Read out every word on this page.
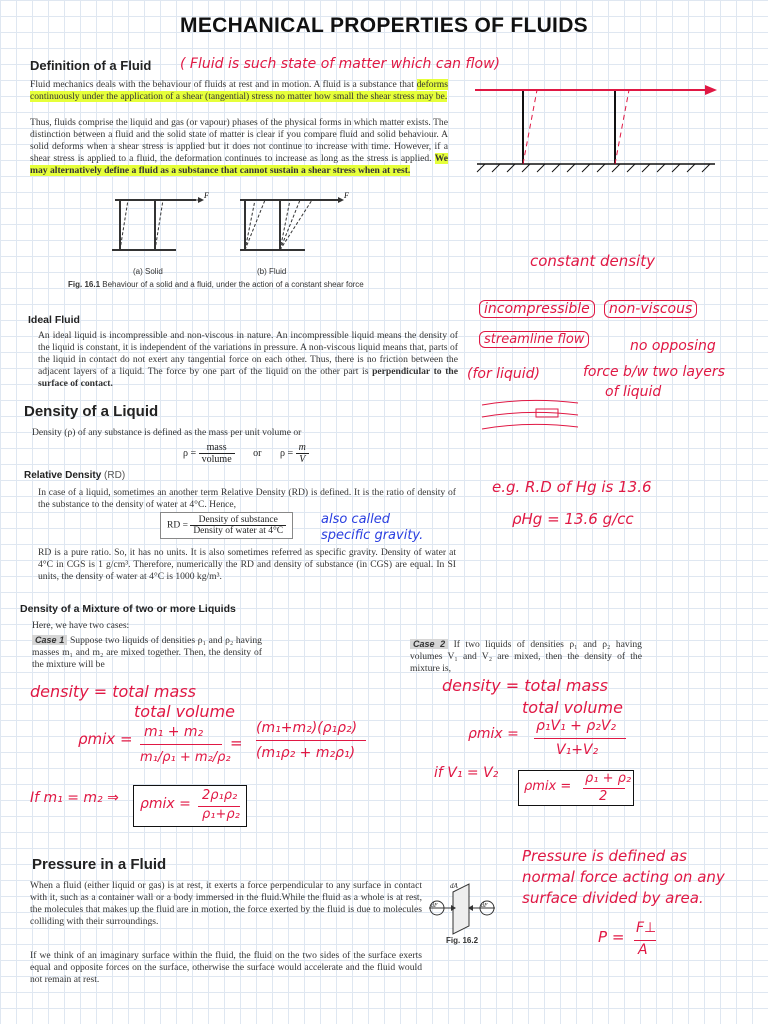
MECHANICAL PROPERTIES OF FLUIDS
Definition of a Fluid ( Fluid is such state of matter which can flow)
Fluid mechanics deals with the behaviour of fluids at rest and in motion. A fluid is a substance that deforms continuously under the application of a shear (tangential) stress no matter how small the shear stress may be.
Thus, fluids comprise the liquid and gas (or vapour) phases of the physical forms in which matter exists. The distinction between a fluid and the solid state of matter is clear if you compare fluid and solid behaviour. A solid deforms when a shear stress is applied but it does not continue to increase with time. However, if a shear stress is applied to a fluid, the deformation continues to increase as long as the stress is applied. We may alternatively define a fluid as a substance that cannot sustain a shear stress when at rest.
F	F
(a) Solid	(b) Fluid
Fig. 16.1 Behaviour of a solid and a fluid, under the action of a constant shear force
Ideal Fluid
An ideal liquid is incompressible and non-viscous in nature. An incompressible liquid means the density of the liquid is constant, it is independent of the variations in pressure. A non-viscous liquid means that, parts of the liquid in contact do not exert any tangential force on each other. Thus, there is no friction between the adjacent layers of a liquid. The force by one part of the liquid on the other part is perpendicular to the surface of contact.
constant density
incompressible	non-viscous
streamline flow	no opposing
(for liquid)	force b/w two layers
of liquid
Density of a Liquid
Density (ρ) of any substance is defined as the mass per unit volume or
$\rho = \frac{\text{mass}}{\text{volume}}$ or $\rho = \frac{m}{V}$
Relative Density (RD)
In case of a liquid, sometimes an another term Relative Density (RD) is defined. It is the ratio of density of the substance to the density of water at 4°C. Hence,
RD = $\frac{\text{Density of substance}}{\text{Density of water at 4°C}}$	also called
specific gravity.
RD is a pure ratio. So, it has no units. It is also sometimes referred as specific gravity. Density of water at 4°C in CGS is 1 g/cm³. Therefore, numerically the RD and density of substance (in CGS) are equal. In SI units, the density of water at 4°C is 1000 kg/m³.
e.g. R.D of Hg is 13.6
ρHg = 13.6 g/cc
Density of a Mixture of two or more Liquids
Here, we have two cases:
Case 1 Suppose two liquids of densities ρ₁ and ρ₂ having masses m₁ and m₂ are mixed together. Then, the density of the mixture will be
Case 2 If two liquids of densities ρ₁ and ρ₂ having volumes V₁ and V₂ are mixed, then the density of the mixture is,
density = total mass
total volume
ρmix = m₁ + m₂
m₁/ρ₁ + m₂/ρ₂
=
(m₁+m₂)(ρ₁ρ₂)
(m₁ρ₂ + m₂ρ₁)
If m₁ = m₂ ⇒ ρmix =
2ρ₁ρ₂
ρ₁+ρ₂
density = total mass
total volume
ρmix = ρ₁V₁ + ρ₂V₂
V₁+V₂
if V₁ = V₂
ρmix =
ρ₁ + ρ₂
2
Pressure in a Fluid
When a fluid (either liquid or gas) is at rest, it exerts a force perpendicular to any surface in contact with it, such as a container wall or a body immersed in the fluid.While the fluid as a whole is at rest, the molecules that makes up the fluid are in motion, the force exerted by the fluid is due to molecules colliding with their surroundings.
If we think of an imaginary surface within the fluid, the fluid on the two sides of the surface exerts equal and opposite forces on the surface, otherwise the surface would accelerate and the fluid would not remain at rest.
dA
dF	dF
Fig. 16.2
Pressure is defined as normal force acting on any surface divided by area.
P = F⊥
A
